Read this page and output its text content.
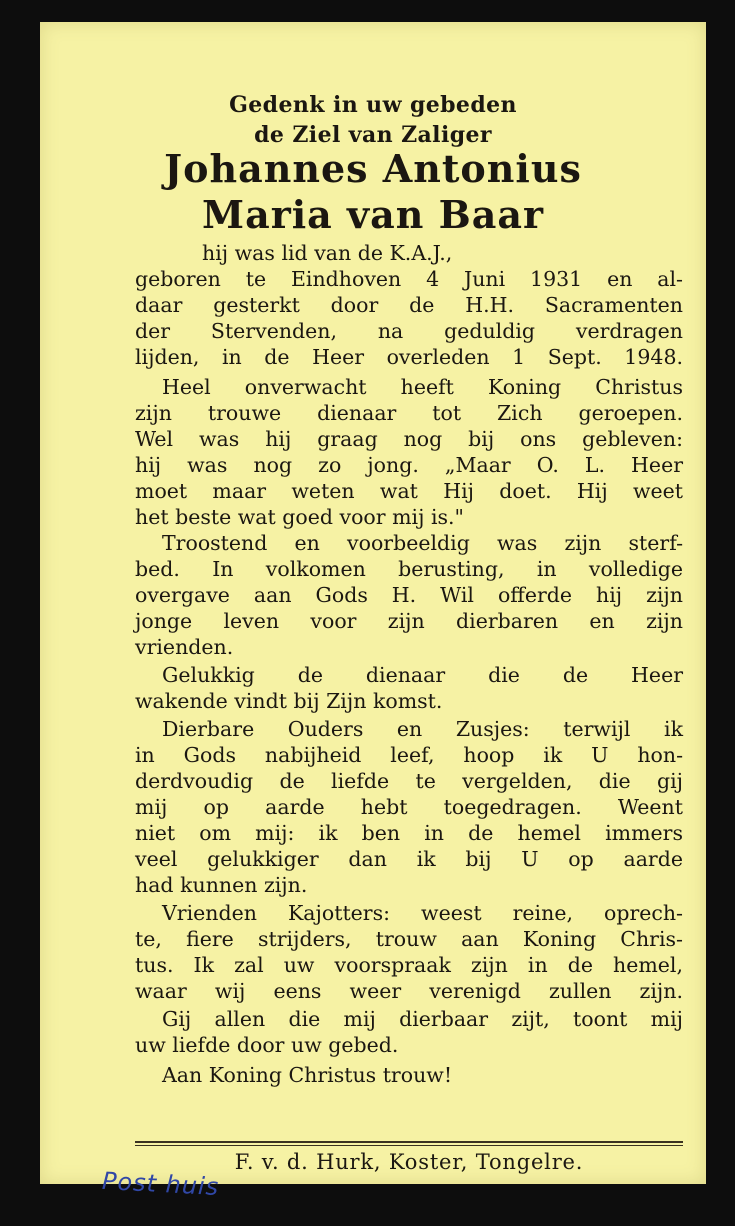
Gedenk in uw gebeden
de Ziel van Zaliger
Johannes Antonius
Maria van Baar
hij was lid van de K.A.J.,
geboren te Eindhoven 4 Juni 1931 en al-
daar gesterkt door de H.H. Sacramenten
der Stervenden, na geduldig verdragen
lijden, in de Heer overleden 1 Sept. 1948.
Heel onverwacht heeft Koning Christus
zijn trouwe dienaar tot Zich geroepen.
Wel was hij graag nog bij ons gebleven:
hij was nog zo jong. „Maar O. L. Heer
moet maar weten wat Hij doet. Hij weet
het beste wat goed voor mij is."
Troostend en voorbeeldig was zijn sterf-
bed. In volkomen berusting, in volledige
overgave aan Gods H. Wil offerde hij zijn
jonge leven voor zijn dierbaren en zijn
vrienden.
Gelukkig de dienaar die de Heer
wakende vindt bij Zijn komst.
Dierbare Ouders en Zusjes: terwijl ik
in Gods nabijheid leef, hoop ik U hon-
derdvoudig de liefde te vergelden, die gij
mij op aarde hebt toegedragen. Weent
niet om mij: ik ben in de hemel immers
veel gelukkiger dan ik bij U op aarde
had kunnen zijn.
Vrienden Kajotters: weest reine, oprech-
te, fiere strijders, trouw aan Koning Chris-
tus. Ik zal uw voorspraak zijn in de hemel,
waar wij eens weer verenigd zullen zijn.
Gij allen die mij dierbaar zijt, toont mij
uw liefde door uw gebed.
Aan Koning Christus trouw!
F. v. d. Hurk, Koster, Tongelre.
Post huis
